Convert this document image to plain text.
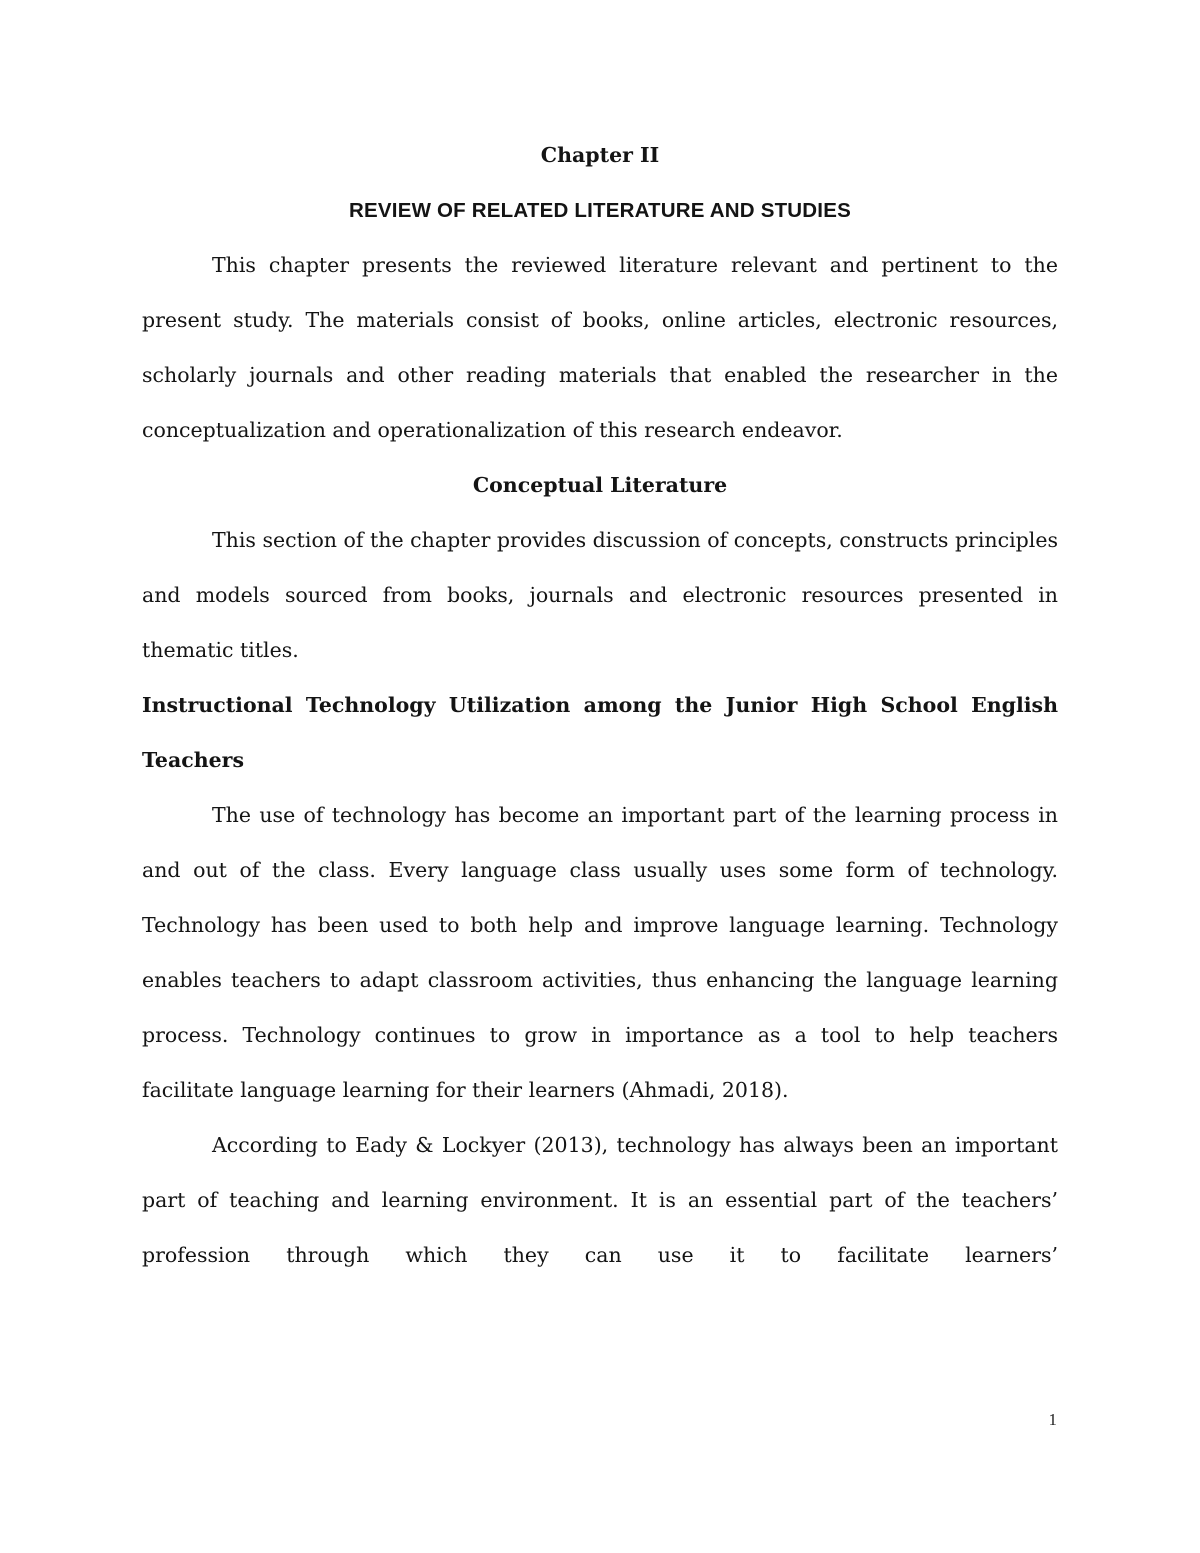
Chapter II
REVIEW OF RELATED LITERATURE AND STUDIES

This chapter presents the reviewed literature relevant and pertinent to the present study. The materials consist of books, online articles, electronic resources, scholarly journals and other reading materials that enabled the researcher in the conceptualization and operationalization of this research endeavor.

Conceptual Literature

This section of the chapter provides discussion of concepts, constructs principles and models sourced from books, journals and electronic resources presented in thematic titles.

Instructional Technology Utilization among the Junior High School English Teachers

The use of technology has become an important part of the learning process in and out of the class. Every language class usually uses some form of technology. Technology has been used to both help and improve language learning. Technology enables teachers to adapt classroom activities, thus enhancing the language learning process. Technology continues to grow in importance as a tool to help teachers facilitate language learning for their learners (Ahmadi, 2018).

According to Eady & Lockyer (2013), technology has always been an important part of teaching and learning environment. It is an essential part of the teachers’ profession through which they can use it to facilitate learners’

1
